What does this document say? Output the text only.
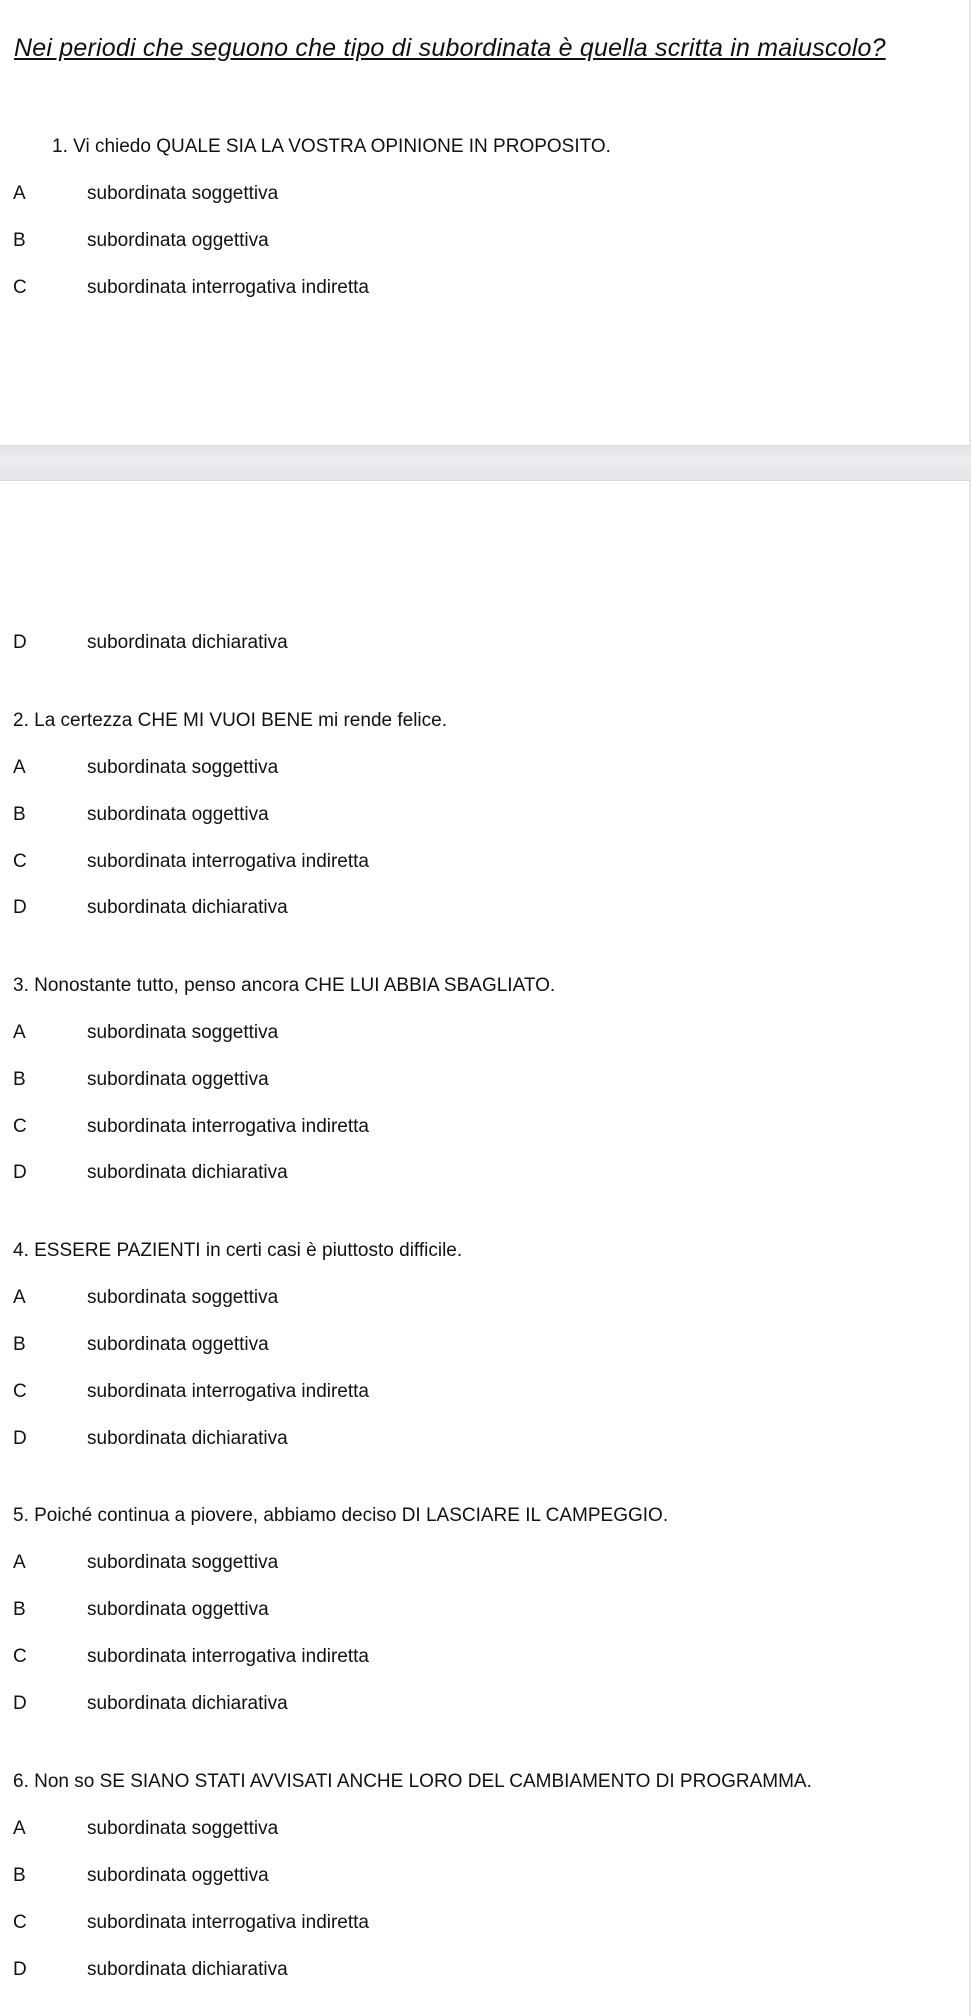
Nei periodi che seguono che tipo di subordinata è quella scritta in maiuscolo?
1. Vi chiedo QUALE SIA LA VOSTRA OPINIONE IN PROPOSITO.
A	subordinata soggettiva
B	subordinata oggettiva
C	subordinata interrogativa indiretta
D	subordinata dichiarativa
2. La certezza CHE MI VUOI BENE mi rende felice.
A	subordinata soggettiva
B	subordinata oggettiva
C	subordinata interrogativa indiretta
D	subordinata dichiarativa
3. Nonostante tutto, penso ancora CHE LUI ABBIA SBAGLIATO.
A	subordinata soggettiva
B	subordinata oggettiva
C	subordinata interrogativa indiretta
D	subordinata dichiarativa
4. ESSERE PAZIENTI in certi casi è piuttosto difficile.
A	subordinata soggettiva
B	subordinata oggettiva
C	subordinata interrogativa indiretta
D	subordinata dichiarativa
5. Poiché continua a piovere, abbiamo deciso DI LASCIARE IL CAMPEGGIO.
A	subordinata soggettiva
B	subordinata oggettiva
C	subordinata interrogativa indiretta
D	subordinata dichiarativa
6. Non so SE SIANO STATI AVVISATI ANCHE LORO DEL CAMBIAMENTO DI PROGRAMMA.
A	subordinata soggettiva
B	subordinata oggettiva
C	subordinata interrogativa indiretta
D	subordinata dichiarativa
